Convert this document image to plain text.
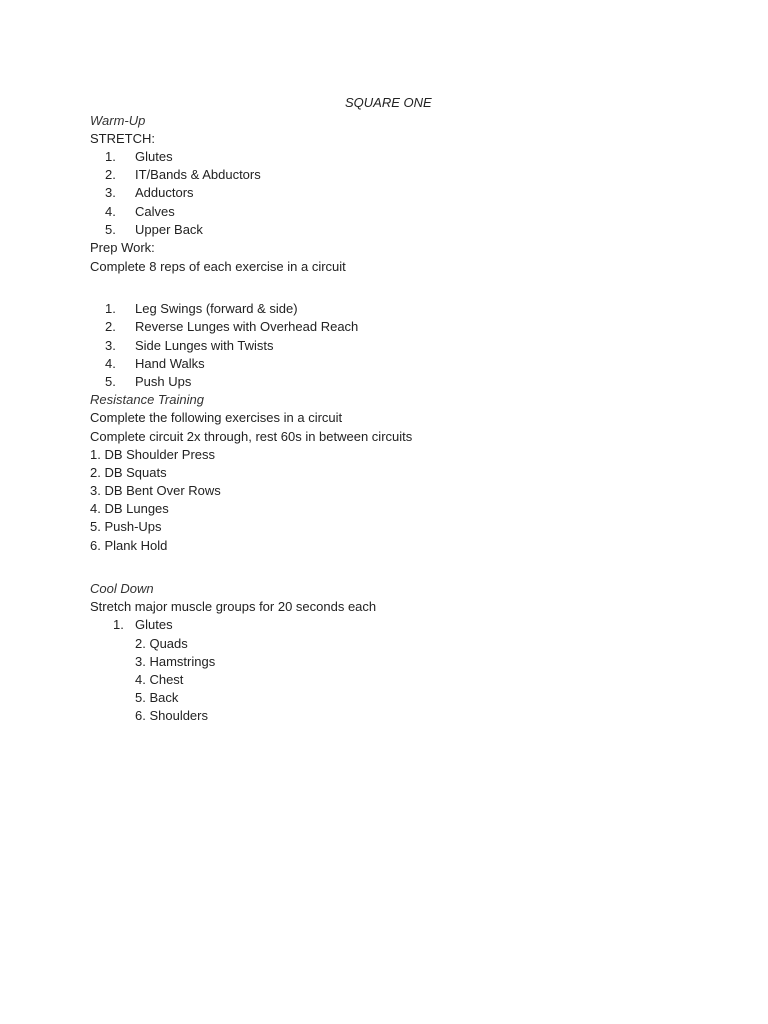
SQUARE ONE
Warm-Up
STRETCH:
1. Glutes
2. IT/Bands & Abductors
3. Adductors
4. Calves
5. Upper Back
Prep Work:
Complete 8 reps of each exercise in a circuit
1. Leg Swings (forward & side)
2. Reverse Lunges with Overhead Reach
3. Side Lunges with Twists
4. Hand Walks
5. Push Ups
Resistance Training
Complete the following exercises in a circuit
Complete circuit 2x through, rest 60s in between circuits
1. DB Shoulder Press
2. DB Squats
3. DB Bent Over Rows
4. DB Lunges
5. Push-Ups
6. Plank Hold
Cool Down
Stretch major muscle groups for 20 seconds each
1. Glutes
2. Quads
3. Hamstrings
4. Chest
5. Back
6. Shoulders
